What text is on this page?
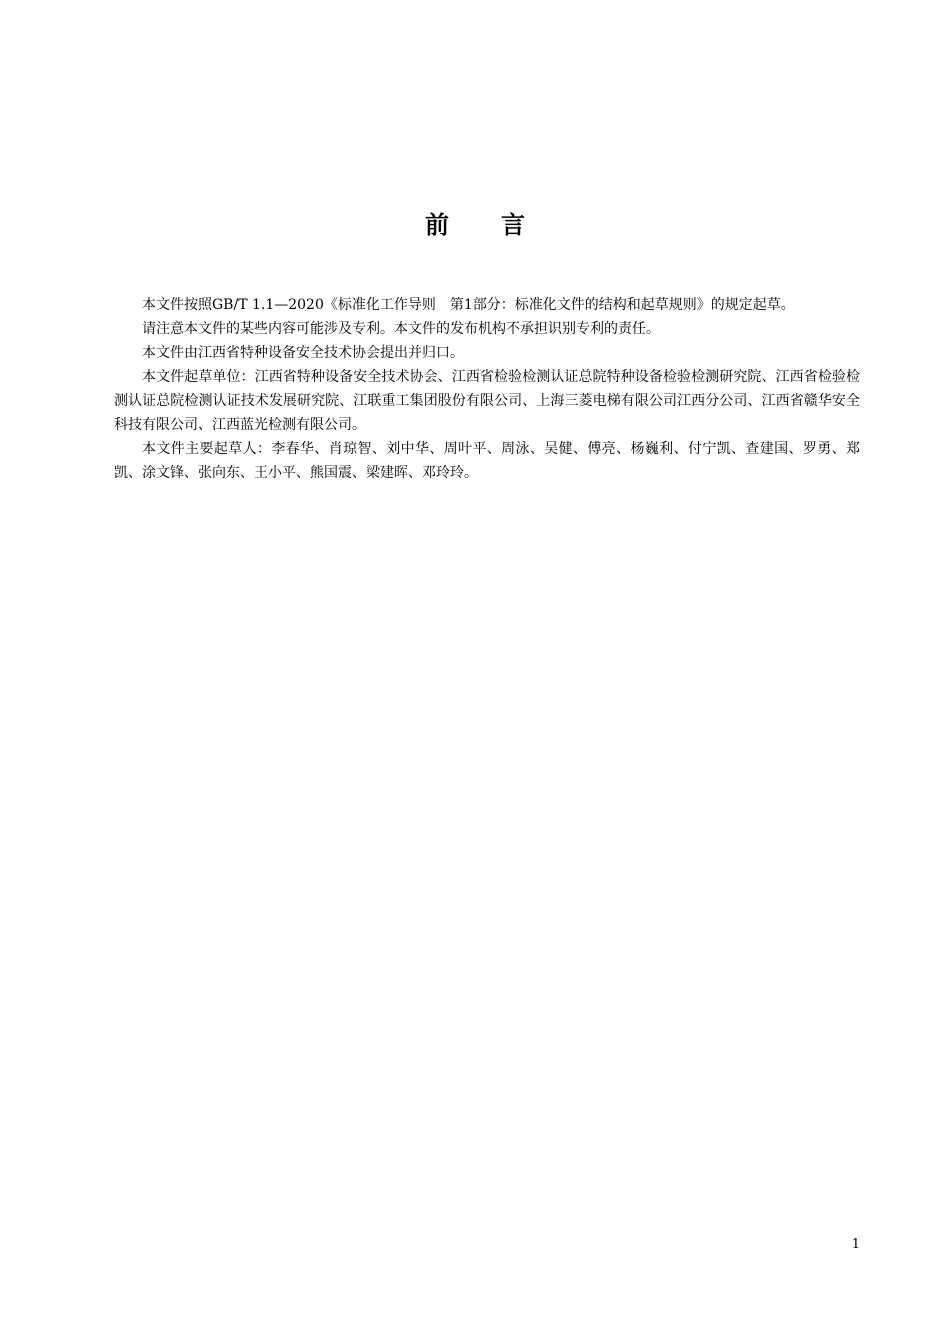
前 言

本文件按照GB/T 1.1—2020《标准化工作导则　第1部分：标准化文件的结构和起草规则》的规定起草。

请注意本文件的某些内容可能涉及专利。本文件的发布机构不承担识别专利的责任。

本文件由江西省特种设备安全技术协会提出并归口。

本文件起草单位：江西省特种设备安全技术协会、江西省检验检测认证总院特种设备检验检测研究院、江西省检验检测认证总院检测认证技术发展研究院、江联重工集团股份有限公司、上海三菱电梯有限公司江西分公司、江西省赣华安全科技有限公司、江西蓝光检测有限公司。

本文件主要起草人：李春华、肖琼智、刘中华、周叶平、周泳、吴健、傅亮、杨巍利、付宁凯、查建国、罗勇、郑凯、涂文锋、张向东、王小平、熊国震、梁建晖、邓玲玲。

1
